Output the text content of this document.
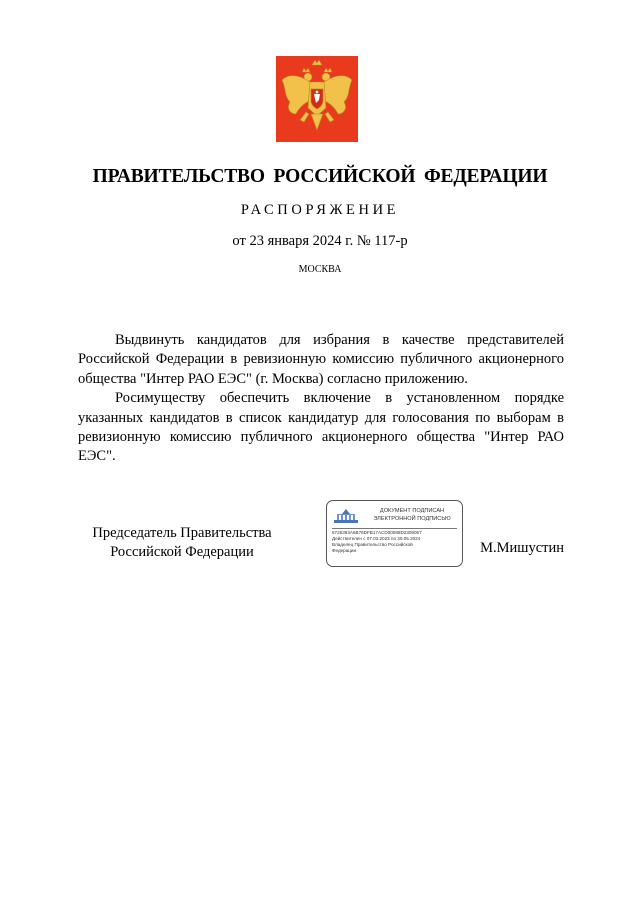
ПРАВИТЕЛЬСТВО РОССИЙСКОЙ ФЕДЕРАЦИИ
РАСПОРЯЖЕНИЕ
от 23 января 2024 г. № 117-р
МОСКВА

Выдвинуть кандидатов для избрания в качестве представителей Российской Федерации в ревизионную комиссию публичного акционерного общества "Интер РАО ЕЭС" (г. Москва) согласно приложению.

Росимуществу обеспечить включение в установленном порядке указанных кандидатов в список кандидатур для голосования по выборам в ревизионную комиссию публичного акционерного общества "Интер РАО ЕЭС".

Председатель Правительства
Российской Федерации
ДОКУМЕНТ ПОДПИСАН
ЭЛЕКТРОННОЙ ПОДПИСЬЮ
5725393A6B76DFB17ACD00089D2309057
Действителен с 07.03.2023 по 30.05.2024
Владелец Правительство Российской
Федерации	М.Мишустин
